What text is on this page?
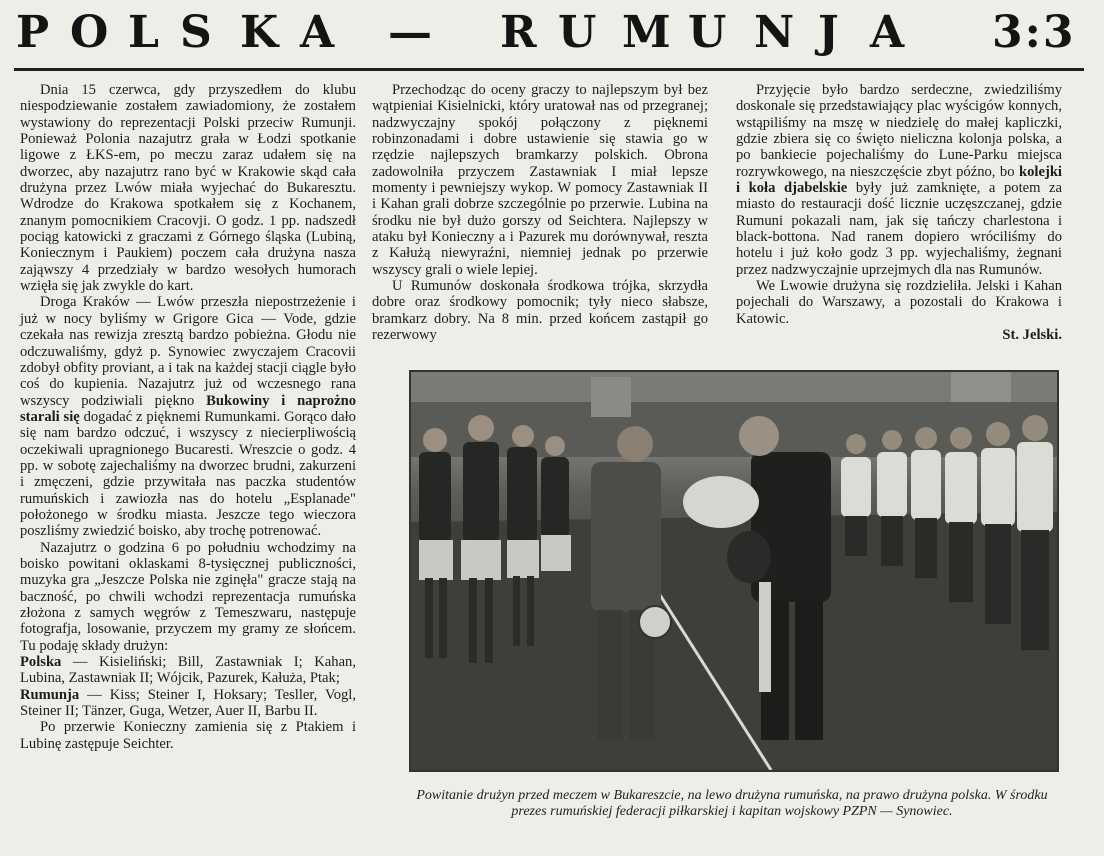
P O L S K A — R U M U N J A 3:3

Dnia 15 czerwca, gdy przyszedłem do klubu niespodziewanie zostałem zawiadomiony, że zostałem wystawiony do reprezentacji Polski przeciw Rumunji. Ponieważ Polonia nazajutrz grała w Łodzi spotkanie ligowe z ŁKS-em, po meczu zaraz udałem się na dworzec, aby nazajutrz rano być w Krakowie skąd cała drużyna przez Lwów miała wyjechać do Bukaresztu. Wdrodze do Krakowa spotkałem się z Kochanem, znanym pomocnikiem Cracovji. O godz. 1 pp. nadszedł pociąg katowicki z graczami z Górnego śląska (Lubiną, Koniecznym i Paukiem) poczem cała drużyna nasza zająwszy 4 przedziały w bardzo wesołych humorach wzięła się jak zwykle do kart.

Droga Kraków — Lwów przeszła niepostrzeżenie i już w nocy byliśmy w Grigore Gica — Vode, gdzie czekała nas rewizja zresztą bardzo pobieżna. Głodu nie odczuwaliśmy, gdyż p. Synowiec zwyczajem Cracovii zdobył obfity proviant, a i tak na każdej stacji ciągle było coś do kupienia. Nazajutrz już od wczesnego rana wszyscy podziwiali piękno Bukowiny i naprożno starali się dogadać z pięknemi Rumunkami. Gorąco dało się nam bardzo odczuć, i wszyscy z niecierpliwością oczekiwali upragnionego Bucaresti. Wreszcie o godz. 4 pp. w sobotę zajechaliśmy na dworzec brudni, zakurzeni i zmęczeni, gdzie przywitała nas paczka studentów rumuńskich i zawiozła nas do hotelu „Esplanade" położonego w środku miasta. Jeszcze tego wieczora poszliśmy zwiedzić boisko, aby trochę potrenować.

Nazajutrz o godzina 6 po południu wchodzimy na boisko powitani oklaskami 8-tysięcznej publiczności, muzyka gra „Jeszcze Polska nie zginęła" gracze stają na baczność, po chwili wchodzi reprezentacja rumuńska złożona z samych węgrów z Temeszwaru, następuje fotografja, losowanie, przyczem my gramy ze słońcem. Tu podaję składy drużyn:

Polska — Kisieliński; Bill, Zastawniak I; Kahan, Lubina, Zastawniak II; Wójcik, Pazurek, Kałuża, Ptak;

Rumunja — Kiss; Steiner I, Hoksary; Tesller, Vogl, Steiner II; Tänzer, Guga, Wetzer, Auer II, Barbu II.

Po przerwie Konieczny zamienia się z Ptakiem i Lubinę zastępuje Seichter.

Przechodząc do oceny graczy to najlepszym był bez wątpieniai Kisielnicki, który uratował nas od przegranej; nadzwyczajny spokój połączony z pięknemi robinzonadami i dobre ustawienie się stawia go w rzędzie najlepszych bramkarzy polskich. Obrona zadowolniła przyczem Zastawniak I miał lepsze momenty i pewniejszy wykop. W pomocy Zastawniak II i Kahan grali dobrze szczególnie po przerwie. Lubina na środku nie był dużo gorszy od Seichtera. Najlepszy w ataku był Konieczny a i Pazurek mu dorównywał, reszta z Kałużą niewyraźni, niemniej jednak po przerwie wszyscy grali o wiele lepiej.

U Rumunów doskonała środkowa trójka, skrzydła dobre oraz środkowy pomocnik; tyły nieco słabsze, bramkarz dobry. Na 8 min. przed końcem zastąpił go rezerwowy

Przyjęcie było bardzo serdeczne, zwiedziliśmy doskonale się przedstawiający plac wyścigów konnych, wstąpiliśmy na mszę w niedzielę do małej kapliczki, gdzie zbiera się co święto nieliczna kolonja polska, a po bankiecie pojechaliśmy do Lune-Parku miejsca rozrywkowego, na nieszczęście zbyt późno, bo kolejki i koła djabelskie były już zamknięte, a potem za miasto do restauracji dość licznie uczęszczanej, gdzie Rumuni pokazali nam, jak się tańczy charlestona i black-bottona. Nad ranem dopiero wróciliśmy do hotelu i już koło godz 3 pp. wyjechaliśmy, żegnani przez nadzwyczajnie uprzejmych dla nas Rumunów.

We Lwowie drużyna się rozdzieliła. Jelski i Kahan pojechali do Warszawy, a pozostali do Krakowa i Katowic.

St. Jelski.

Powitanie drużyn przed meczem w Bukareszcie, na lewo drużyna rumuńska, na prawo drużyna polska. W środku prezes rumuńskiej federacji piłkarskiej i kapitan wojskowy PZPN — Synowiec.
